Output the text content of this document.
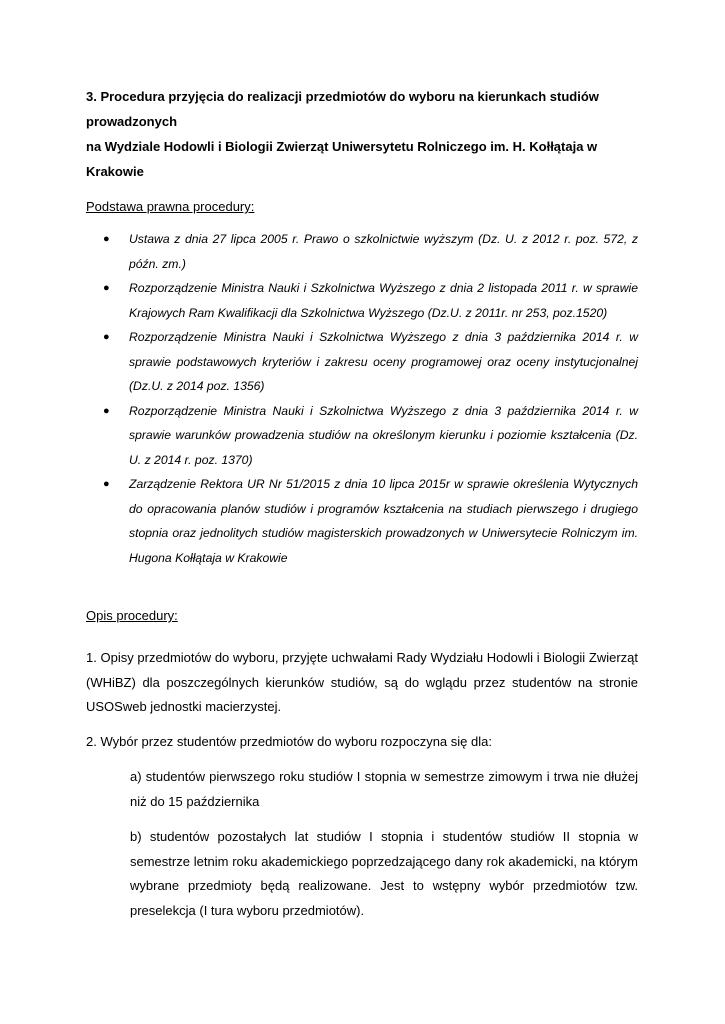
3. Procedura przyjęcia do realizacji przedmiotów do wyboru na kierunkach studiów prowadzonych
na Wydziale Hodowli i Biologii Zwierząt Uniwersytetu Rolniczego im. H. Kołłątaja w Krakowie
Podstawa prawna procedury:
● Ustawa z dnia 27 lipca 2005 r. Prawo o szkolnictwie wyższym (Dz. U. z 2012 r. poz. 572, z późn. zm.)
● Rozporządzenie Ministra Nauki i Szkolnictwa Wyższego z dnia 2 listopada 2011 r. w sprawie Krajowych Ram Kwalifikacji dla Szkolnictwa Wyższego (Dz.U. z 2011r. nr 253, poz.1520)
● Rozporządzenie Ministra Nauki i Szkolnictwa Wyższego z dnia 3 października 2014 r. w sprawie podstawowych kryteriów i zakresu oceny programowej oraz oceny instytucjonalnej (Dz.U. z 2014 poz. 1356)
● Rozporządzenie Ministra Nauki i Szkolnictwa Wyższego z dnia 3 października 2014 r. w sprawie warunków prowadzenia studiów na określonym kierunku i poziomie kształcenia (Dz. U. z 2014 r. poz. 1370)
● Zarządzenie Rektora UR Nr 51/2015 z dnia 10 lipca 2015r w sprawie określenia Wytycznych do opracowania planów studiów i programów kształcenia na studiach pierwszego i drugiego stopnia oraz jednolitych studiów magisterskich prowadzonych w Uniwersytecie Rolniczym im. Hugona Kołłątaja w Krakowie
Opis procedury:

1. Opisy przedmiotów do wyboru, przyjęte uchwałami Rady Wydziału Hodowli i Biologii Zwierząt (WHiBZ) dla poszczególnych kierunków studiów, są do wglądu przez studentów na stronie USOSweb jednostki macierzystej.

2. Wybór przez studentów przedmiotów do wyboru rozpoczyna się dla:

a) studentów pierwszego roku studiów I stopnia w semestrze zimowym i trwa nie dłużej niż do 15 października

b) studentów pozostałych lat studiów I stopnia i studentów studiów II stopnia w semestrze letnim roku akademickiego poprzedzającego dany rok akademicki, na którym wybrane przedmioty będą realizowane. Jest to wstępny wybór przedmiotów tzw. preselekcja (I tura wyboru przedmiotów).
